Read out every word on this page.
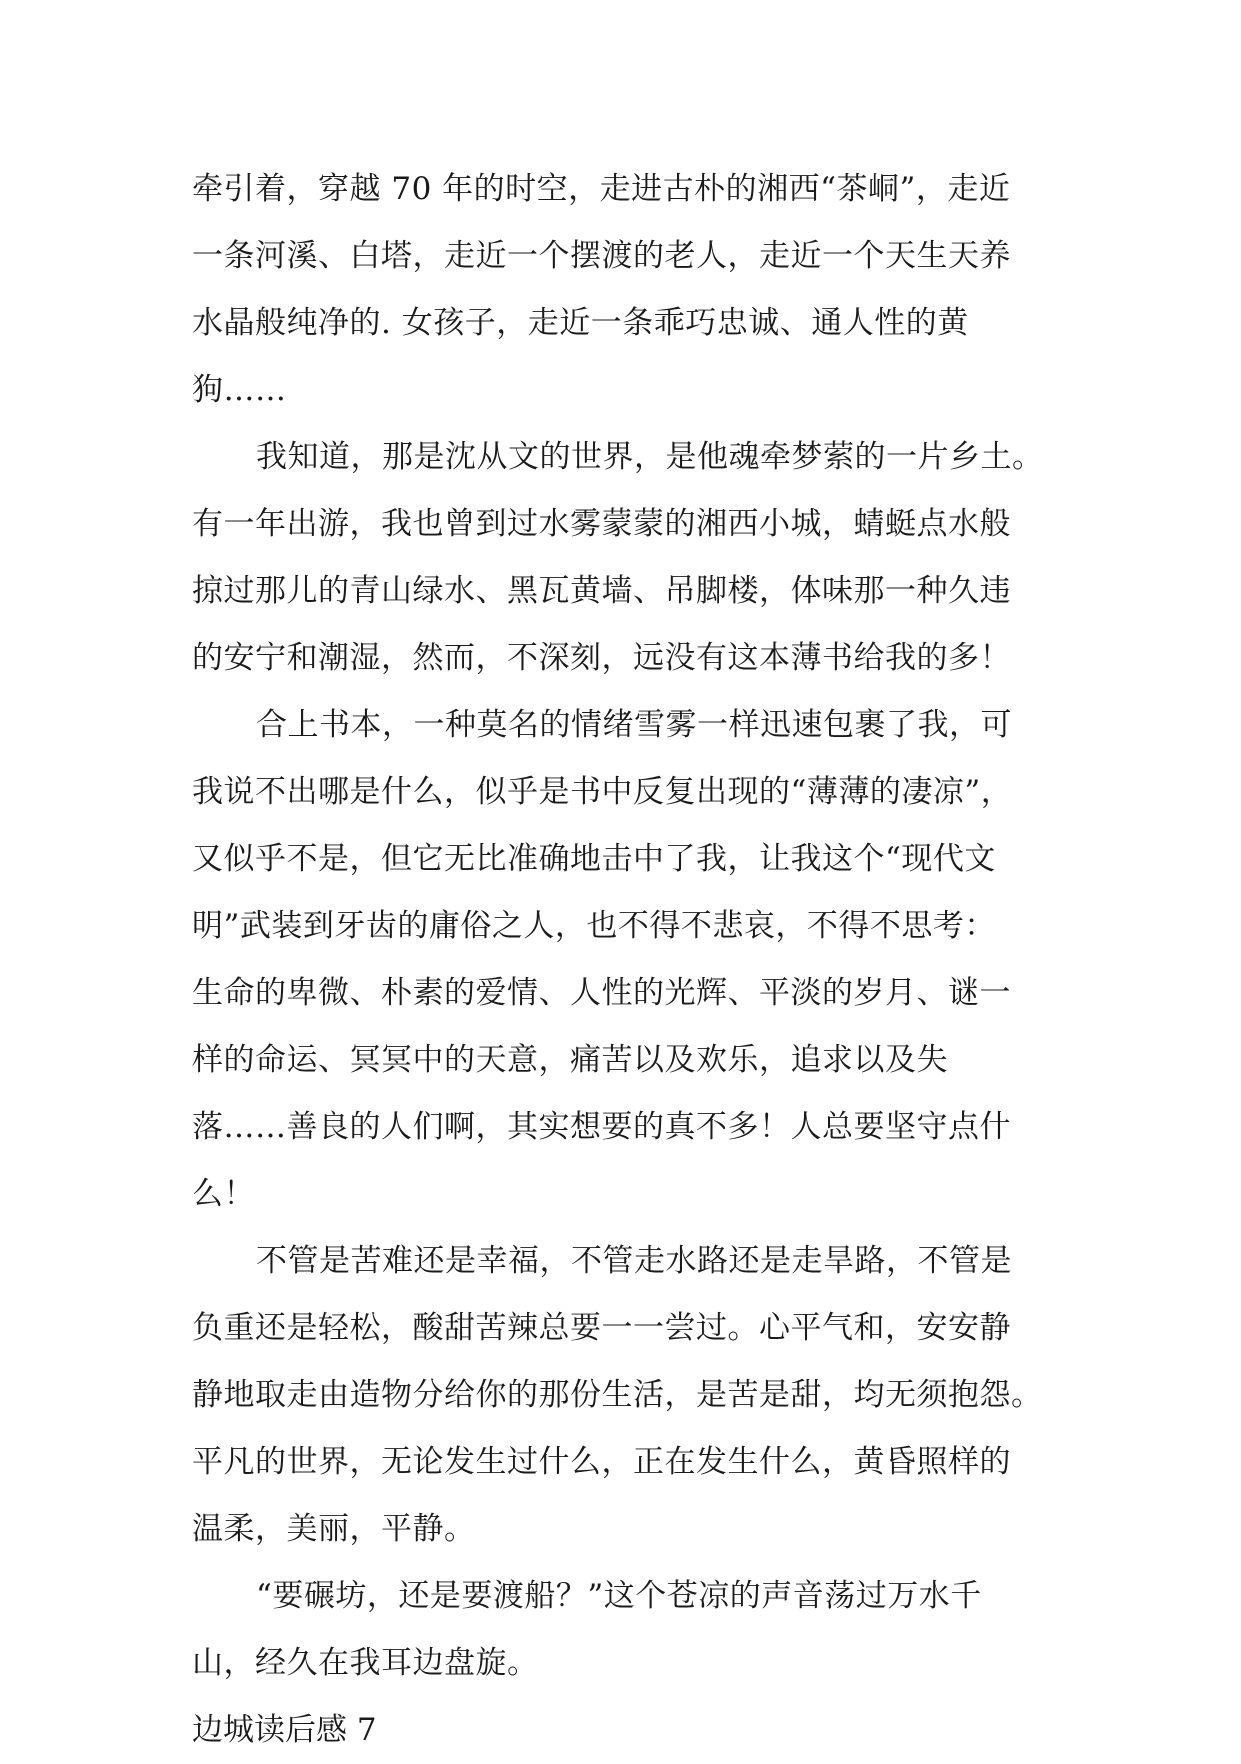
牵引着，穿越 70 年的时空，走进古朴的湘西“茶峒”，走近
一条河溪、白塔，走近一个摆渡的老人，走近一个天生天养
水晶般纯净的. 女孩子，走近一条乖巧忠诚、通人性的黄
狗……
我知道，那是沈从文的世界，是他魂牵梦萦的一片乡土。
有一年出游，我也曾到过水雾蒙蒙的湘西小城，蜻蜓点水般
掠过那儿的青山绿水、黑瓦黄墙、吊脚楼，体味那一种久违
的安宁和潮湿，然而，不深刻，远没有这本薄书给我的多！
合上书本，一种莫名的情绪雪雾一样迅速包裹了我，可
我说不出哪是什么，似乎是书中反复出现的“薄薄的凄凉”，
又似乎不是，但它无比准确地击中了我，让我这个“现代文
明”武装到牙齿的庸俗之人，也不得不悲哀，不得不思考：
生命的卑微、朴素的爱情、人性的光辉、平淡的岁月、谜一
样的命运、冥冥中的天意，痛苦以及欢乐，追求以及失
落……善良的人们啊，其实想要的真不多！人总要坚守点什
么！
不管是苦难还是幸福，不管走水路还是走旱路，不管是
负重还是轻松，酸甜苦辣总要一一尝过。心平气和，安安静
静地取走由造物分给你的那份生活，是苦是甜，均无须抱怨。
平凡的世界，无论发生过什么，正在发生什么，黄昏照样的
温柔，美丽，平静。
“要碾坊，还是要渡船？”这个苍凉的声音荡过万水千
山，经久在我耳边盘旋。
边城读后感 7
